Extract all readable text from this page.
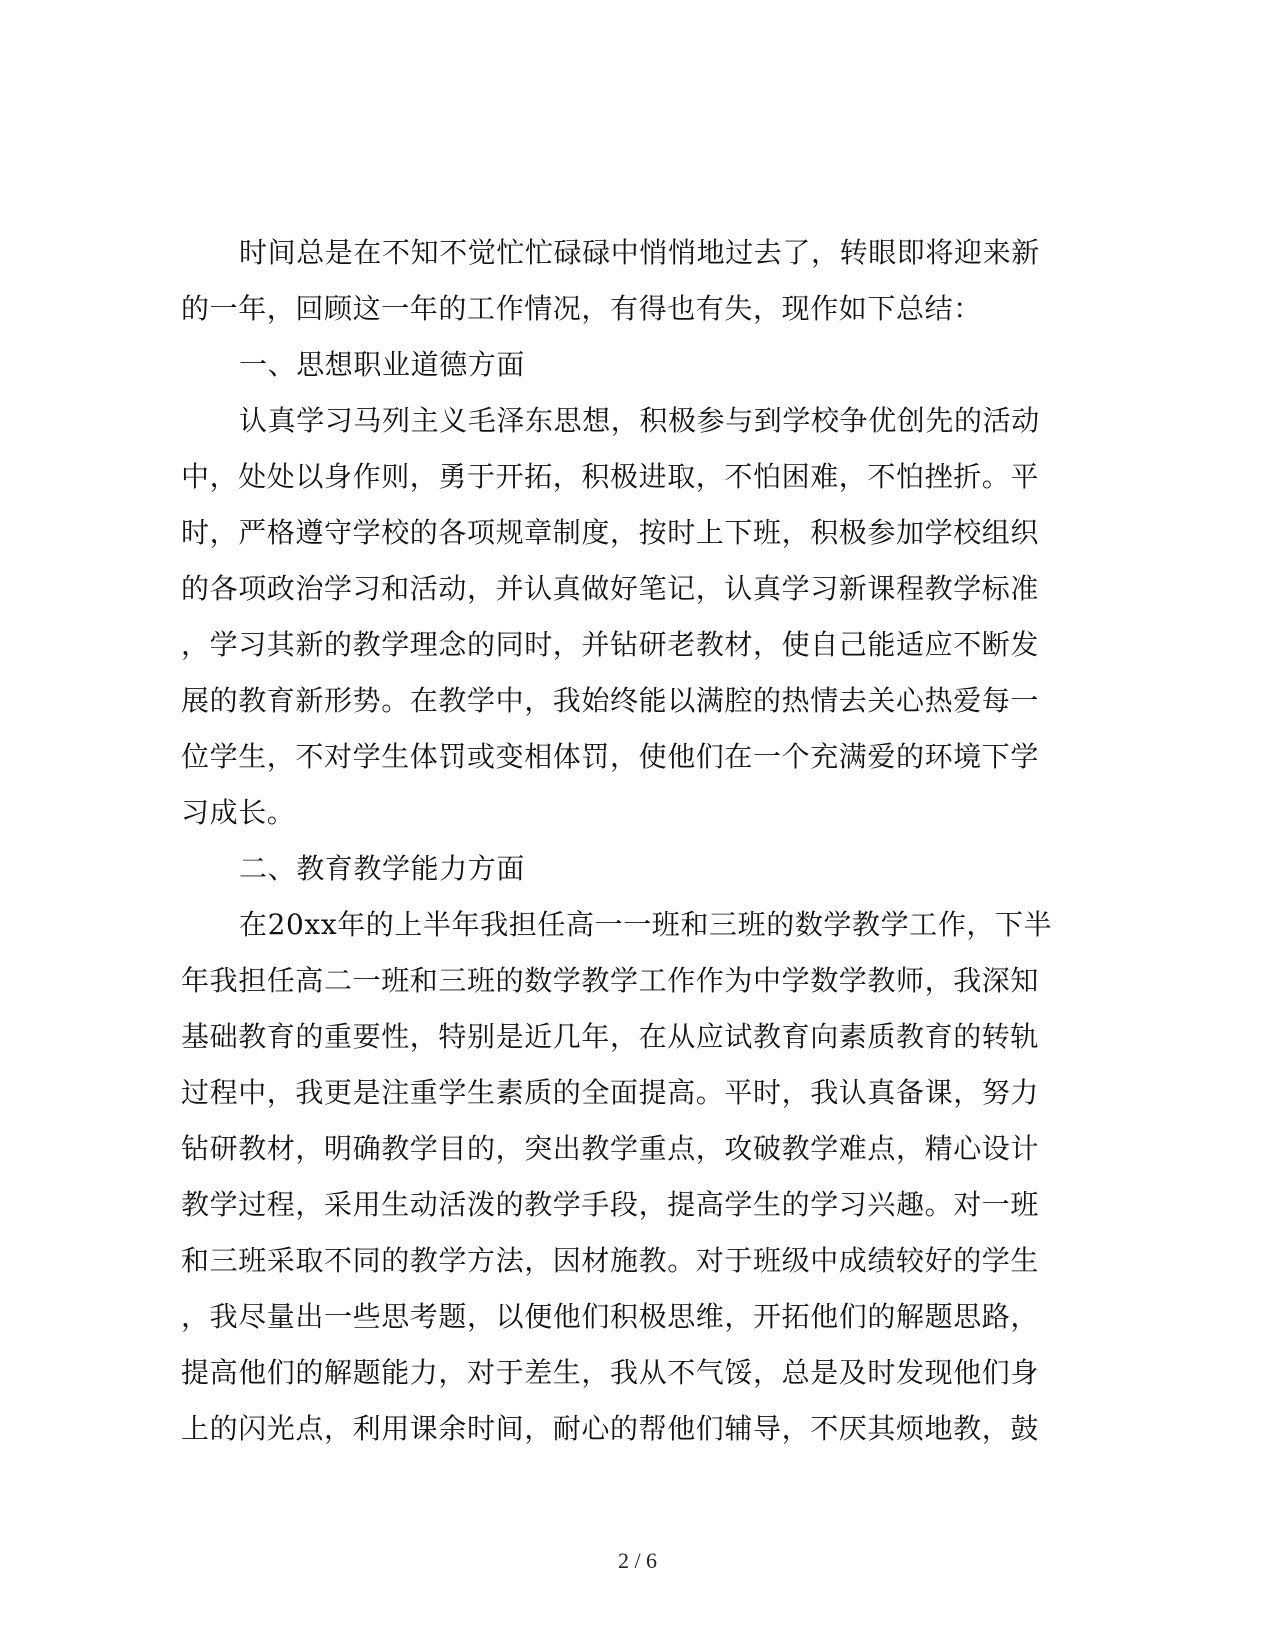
时间总是在不知不觉忙忙碌碌中悄悄地过去了，转眼即将迎来新
的一年，回顾这一年的工作情况，有得也有失，现作如下总结：
一、思想职业道德方面
认真学习马列主义毛泽东思想，积极参与到学校争优创先的活动
中，处处以身作则，勇于开拓，积极进取，不怕困难，不怕挫折。平
时，严格遵守学校的各项规章制度，按时上下班，积极参加学校组织
的各项政治学习和活动，并认真做好笔记，认真学习新课程教学标准
，学习其新的教学理念的同时，并钻研老教材，使自己能适应不断发
展的教育新形势。在教学中，我始终能以满腔的热情去关心热爱每一
位学生，不对学生体罚或变相体罚，使他们在一个充满爱的环境下学
习成长。
二、教育教学能力方面
在20xx年的上半年我担任高一一班和三班的数学教学工作，下半
年我担任高二一班和三班的数学教学工作作为中学数学教师，我深知
基础教育的重要性，特别是近几年，在从应试教育向素质教育的转轨
过程中，我更是注重学生素质的全面提高。平时，我认真备课，努力
钻研教材，明确教学目的，突出教学重点，攻破教学难点，精心设计
教学过程，采用生动活泼的教学手段，提高学生的学习兴趣。对一班
和三班采取不同的教学方法，因材施教。对于班级中成绩较好的学生
，我尽量出一些思考题，以便他们积极思维，开拓他们的解题思路，
提高他们的解题能力，对于差生，我从不气馁，总是及时发现他们身
上的闪光点，利用课余时间，耐心的帮他们辅导，不厌其烦地教，鼓
2 / 6
